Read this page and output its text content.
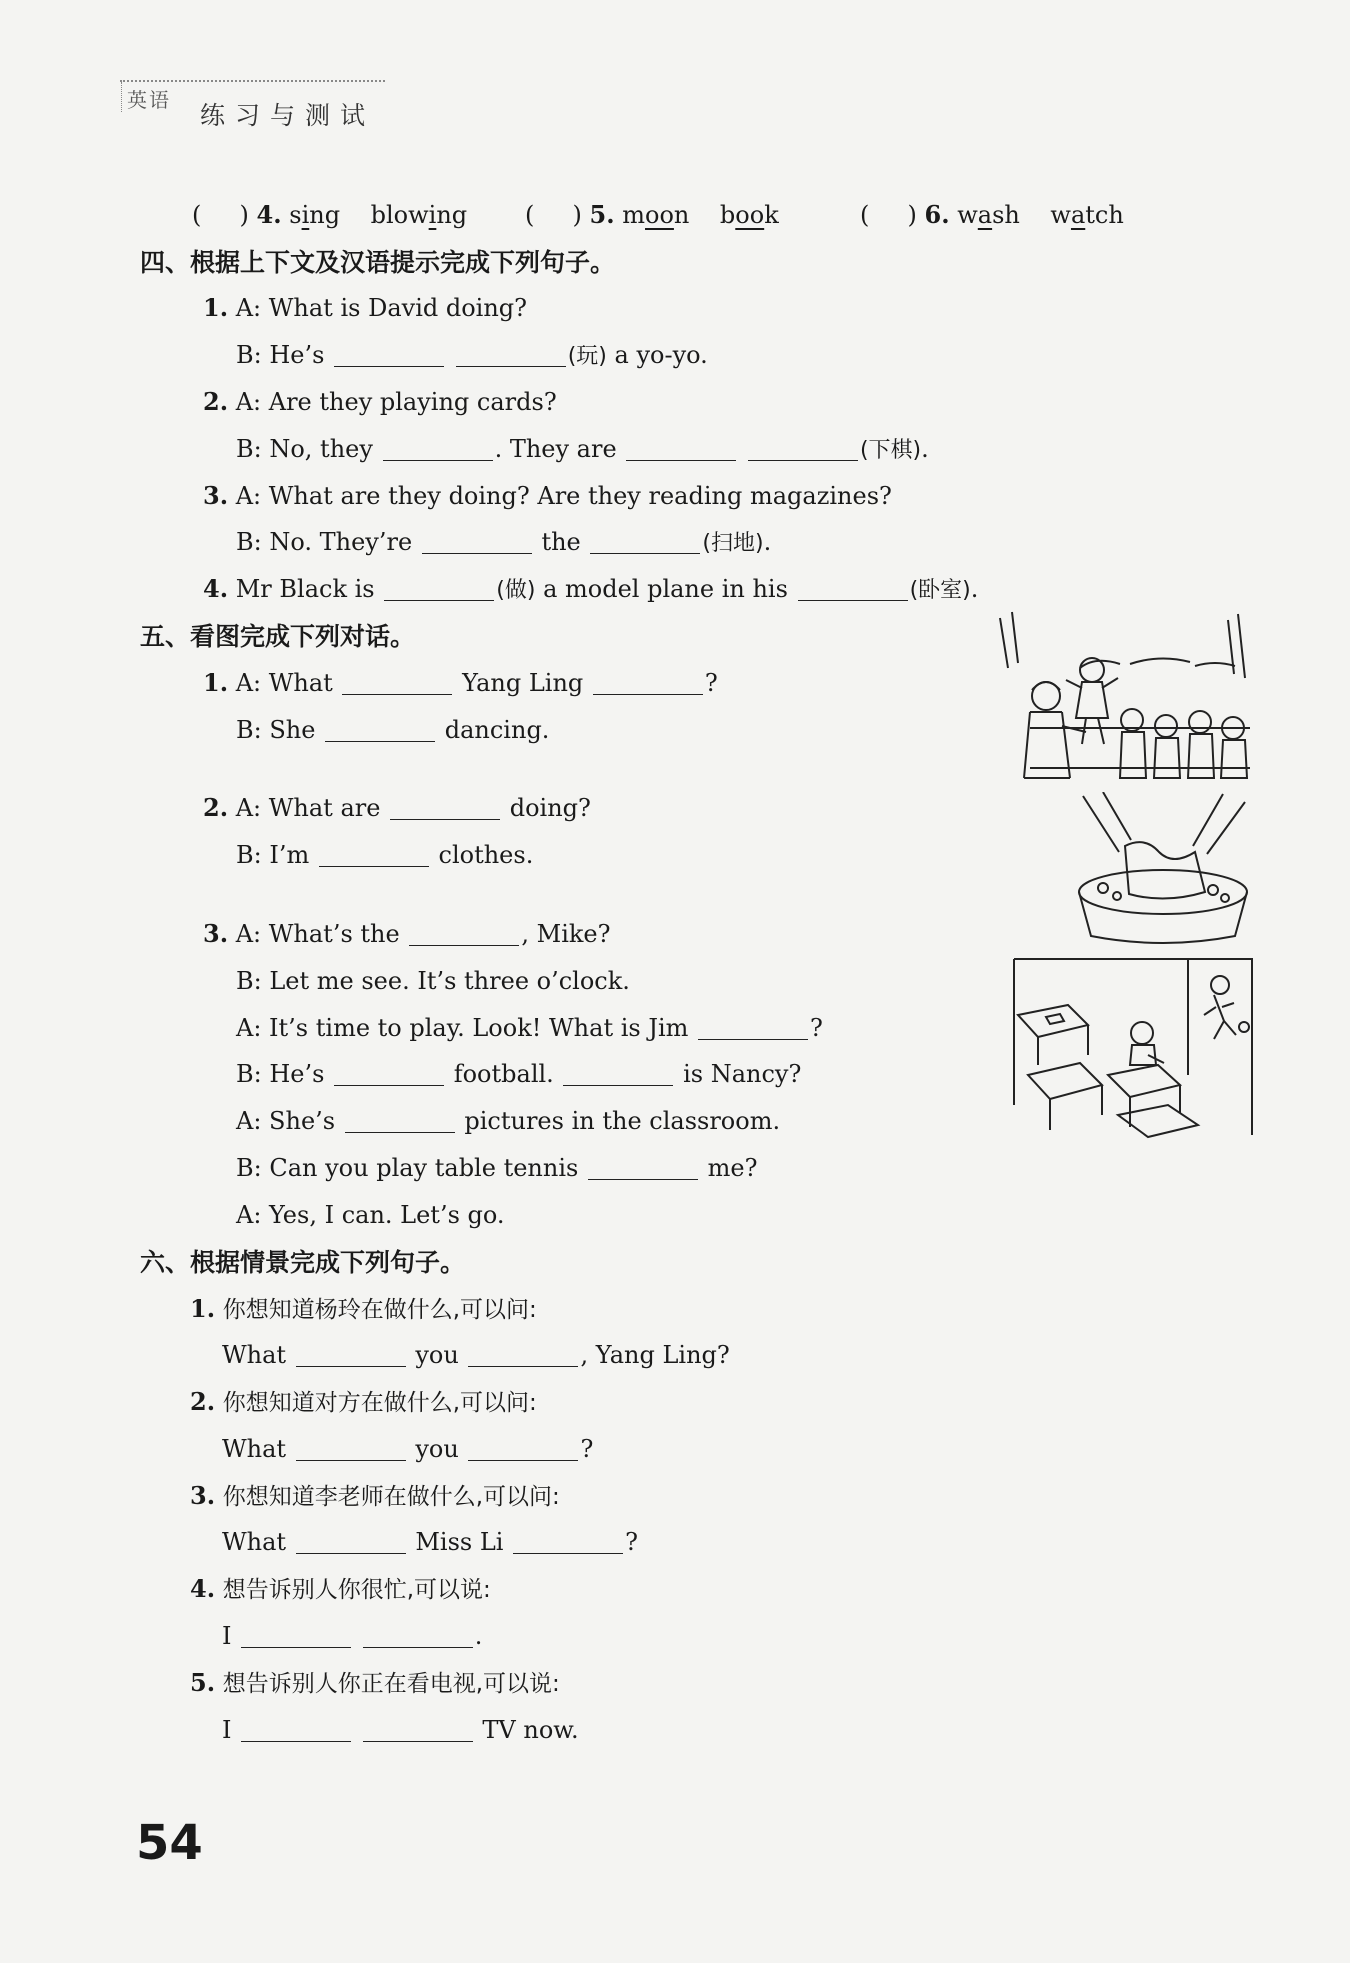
英语
练习与测试
( ) 4. sing blowing ( ) 5. moon book	( ) 6. wash watch
四、根据上下文及汉语提示完成下列句子。
1. A: What is David doing?
B: He’s	(玩) a yo-yo.
2. A: Are they playing cards?
B: No, they	. They are	(下棋).
3. A: What are they doing? Are they reading magazines?
B: No. They’re	the	(扫地).
4. Mr Black is	(做) a model plane in his	(卧室).
五、看图完成下列对话。
1. A: What	Yang Ling	?
B: She	dancing.
2. A: What are	doing?
B: I’m	clothes.
3. A: What’s the	, Mike?
B: Let me see. It’s three o’clock.
A: It’s time to play. Look! What is Jim	?
B: He’s	football.	is Nancy?
A: She’s	pictures in the classroom.
B: Can you play table tennis	me?
A: Yes, I can. Let’s go.
六、根据情景完成下列句子。
1. 你想知道杨玲在做什么,可以问:
What	you	, Yang Ling?
2. 你想知道对方在做什么,可以问:
What	you	?
3. 你想知道李老师在做什么,可以问:
What	Miss Li	?
4. 想告诉别人你很忙,可以说:
I	.
5. 想告诉别人你正在看电视,可以说:
I	TV now.
54
